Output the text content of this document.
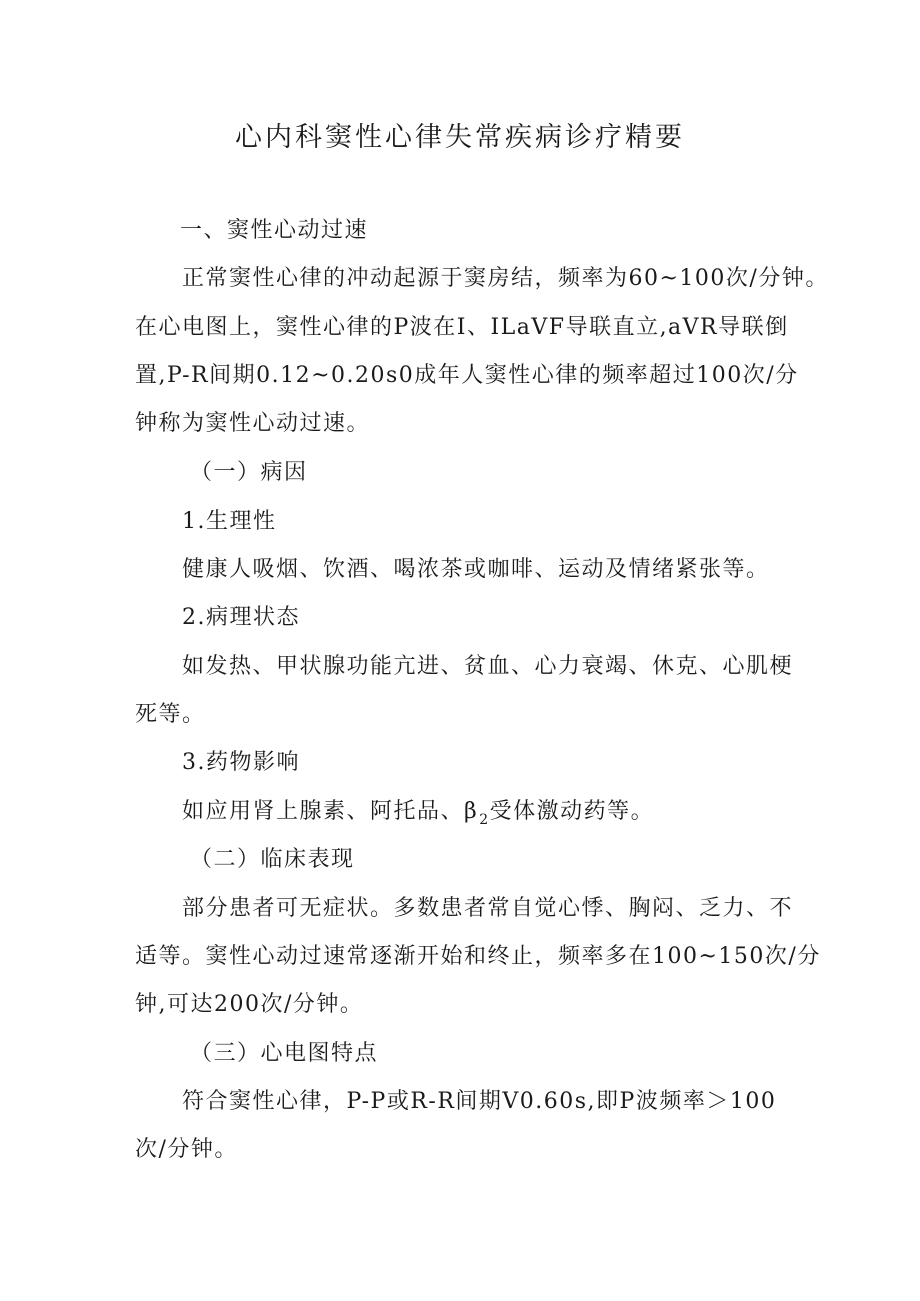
心内科窦性心律失常疾病诊疗精要
一、窦性心动过速
正常窦性心律的冲动起源于窦房结，频率为60~100次/分钟。
在心电图上，窦性心律的P波在I、ILaVF导联直立,aVR导联倒
置,P-R间期0.12~0.20s0成年人窦性心律的频率超过100次/分
钟称为窦性心动过速。
（一）病因
1.生理性
健康人吸烟、饮酒、喝浓茶或咖啡、运动及情绪紧张等。
2.病理状态
如发热、甲状腺功能亢进、贫血、心力衰竭、休克、心肌梗
死等。
3.药物影响
如应用肾上腺素、阿托品、$\beta_2$受体激动药等。
（二）临床表现
部分患者可无症状。多数患者常自觉心悸、胸闷、乏力、不
适等。窦性心动过速常逐渐开始和终止，频率多在100~150次/分
钟,可达200次/分钟。
（三）心电图特点
符合窦性心律，P-P或R-R间期V0.60s,即P波频率＞100
次/分钟。
